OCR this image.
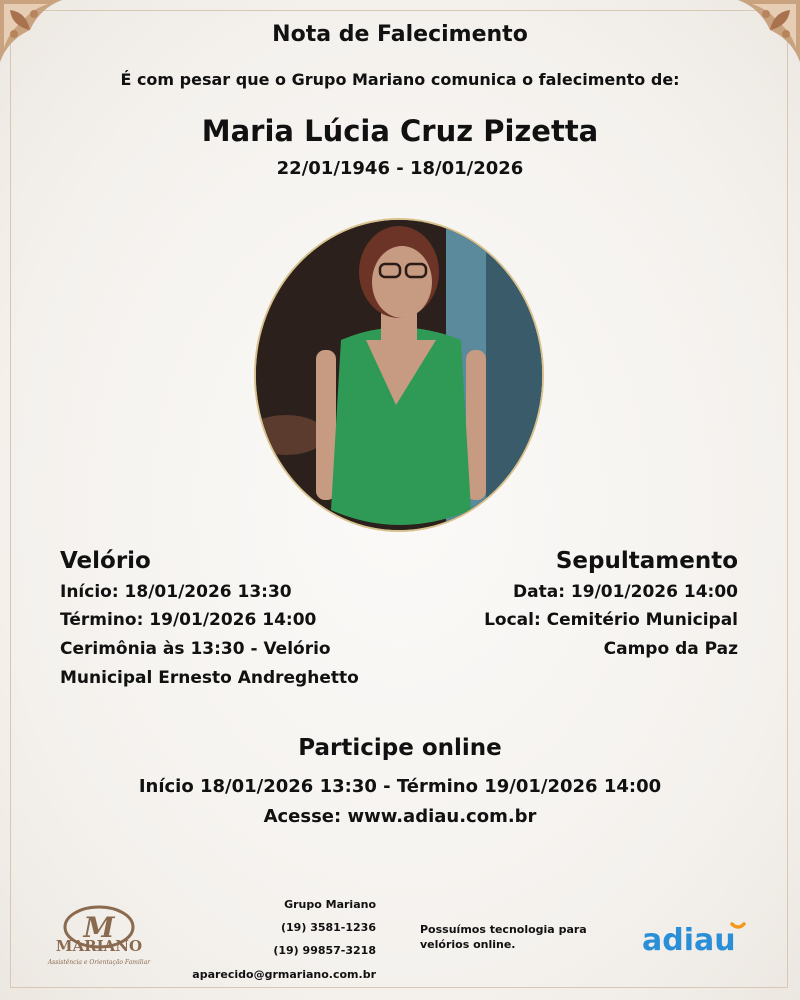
Nota de Falecimento
É com pesar que o Grupo Mariano comunica o falecimento de:
Maria Lúcia Cruz Pizetta
22/01/1946 - 18/01/2026
Velório
Início: 18/01/2026 13:30
Término: 19/01/2026 14:00
Cerimônia às 13:30 - Velório
Municipal Ernesto Andreghetto
Sepultamento
Data: 19/01/2026 14:00
Local: Cemitério Municipal
Campo da Paz
Participe online
Início 18/01/2026 13:30 - Término 19/01/2026 14:00
Acesse: www.adiau.com.br
M
MARIANO
Assistência e Orientação Familiar
Grupo Mariano
(19) 3581-1236
(19) 99857-3218
aparecido@grmariano.com.br
Possuímos tecnologia para
velórios online.	adiau
